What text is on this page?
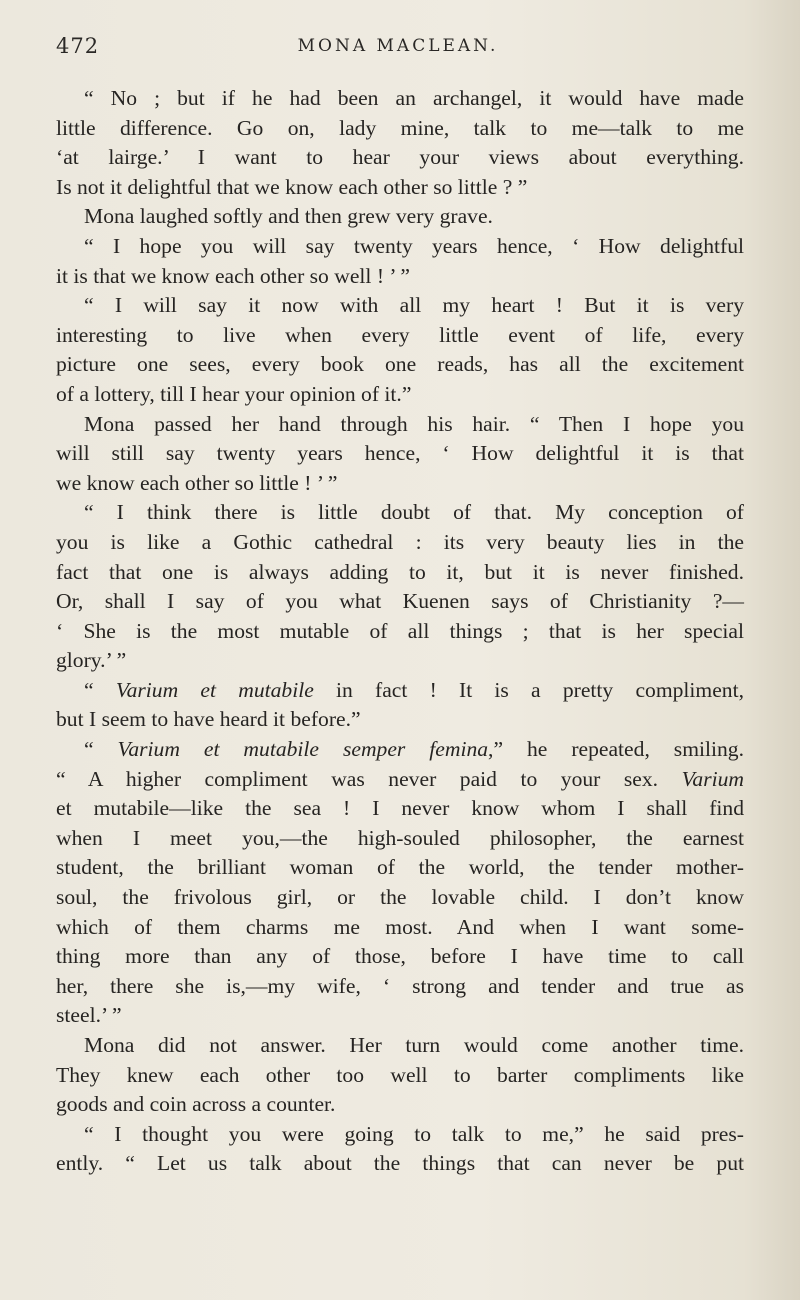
472	MONA MACLEAN.
“ No ; but if he had been an archangel, it would have made
little difference. Go on, lady mine, talk to me—talk to me
‘at lairge.’ I want to hear your views about everything.
Is not it delightful that we know each other so little ? ”
Mona laughed softly and then grew very grave.
“ I hope you will say twenty years hence, ‘ How delightful
it is that we know each other so well ! ’ ”
“ I will say it now with all my heart ! But it is very
interesting to live when every little event of life, every
picture one sees, every book one reads, has all the excitement
of a lottery, till I hear your opinion of it.”
Mona passed her hand through his hair. “ Then I hope you
will still say twenty years hence, ‘ How delightful it is that
we know each other so little ! ’ ”
“ I think there is little doubt of that. My conception of
you is like a Gothic cathedral : its very beauty lies in the
fact that one is always adding to it, but it is never finished.
Or, shall I say of you what Kuenen says of Christianity ?—
‘ She is the most mutable of all things ; that is her special
glory.’ ”
“ Varium et mutabile in fact ! It is a pretty compliment,
but I seem to have heard it before.”
“ Varium et mutabile semper femina,” he repeated, smiling.
“ A higher compliment was never paid to your sex. Varium
et mutabile—like the sea ! I never know whom I shall find
when I meet you,—the high-souled philosopher, the earnest
student, the brilliant woman of the world, the tender mother-
soul, the frivolous girl, or the lovable child. I don’t know
which of them charms me most. And when I want some-
thing more than any of those, before I have time to call
her, there she is,—my wife, ‘ strong and tender and true as
steel.’ ”
Mona did not answer. Her turn would come another time.
They knew each other too well to barter compliments like
goods and coin across a counter.
“ I thought you were going to talk to me,” he said pres-
ently. “ Let us talk about the things that can never be put
